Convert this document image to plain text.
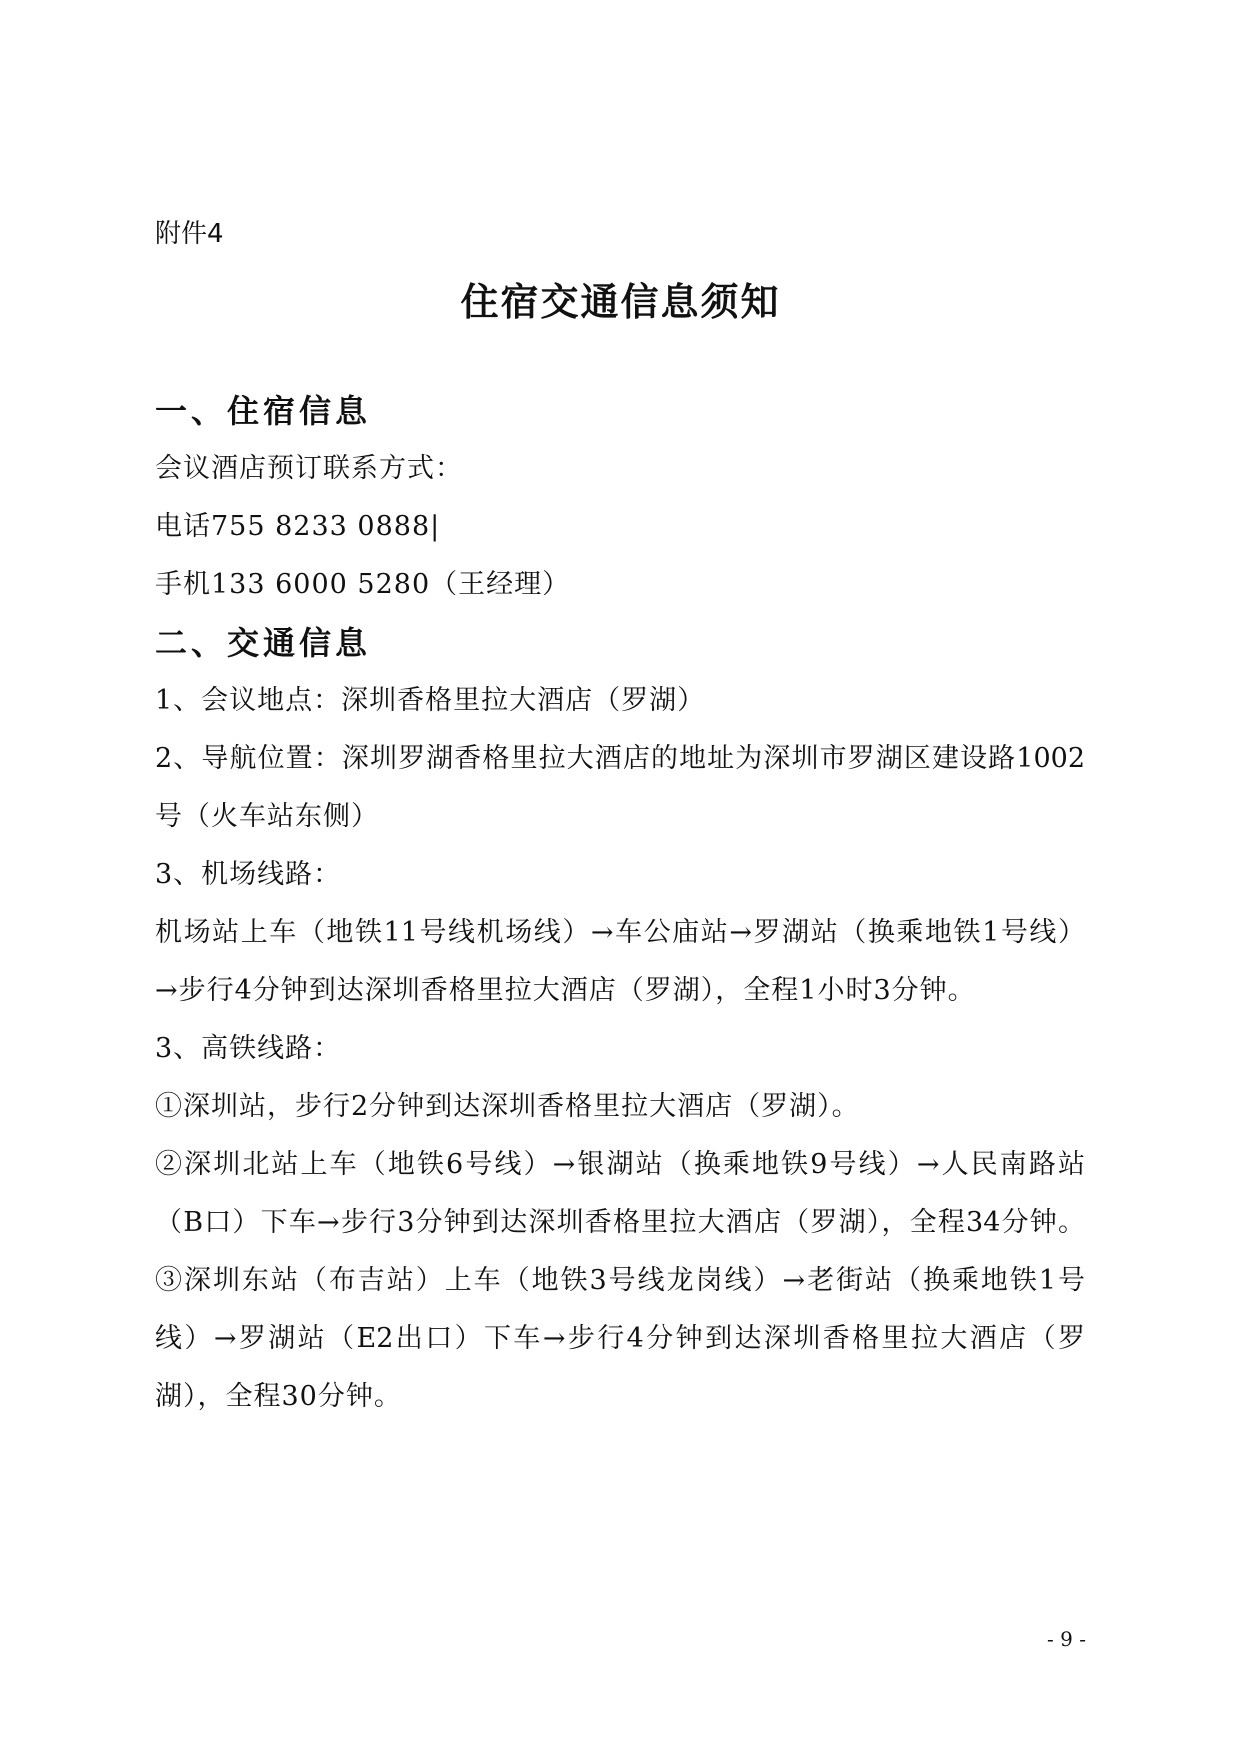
附件4
住宿交通信息须知
一、住宿信息
会议酒店预订联系方式：
电话755 8233 0888|
手机133 6000 5280（王经理）
二、交通信息
1、会议地点：深圳香格里拉大酒店（罗湖）
2、导航位置：深圳罗湖香格里拉大酒店的地址为深圳市罗湖区建设路1002
号（火车站东侧）
3、机场线路：
机场站上车（地铁11号线机场线）→车公庙站→罗湖站（换乘地铁1号线）
→步行4分钟到达深圳香格里拉大酒店（罗湖），全程1小时3分钟。
3、高铁线路：
①深圳站，步行2分钟到达深圳香格里拉大酒店（罗湖）。
②深圳北站上车（地铁6号线）→银湖站（换乘地铁9号线）→人民南路站
（B口）下车→步行3分钟到达深圳香格里拉大酒店（罗湖），全程34分钟。
③深圳东站（布吉站）上车（地铁3号线龙岗线）→老街站（换乘地铁1号
线）→罗湖站（E2出口）下车→步行4分钟到达深圳香格里拉大酒店（罗
湖），全程30分钟。
- 9 -
